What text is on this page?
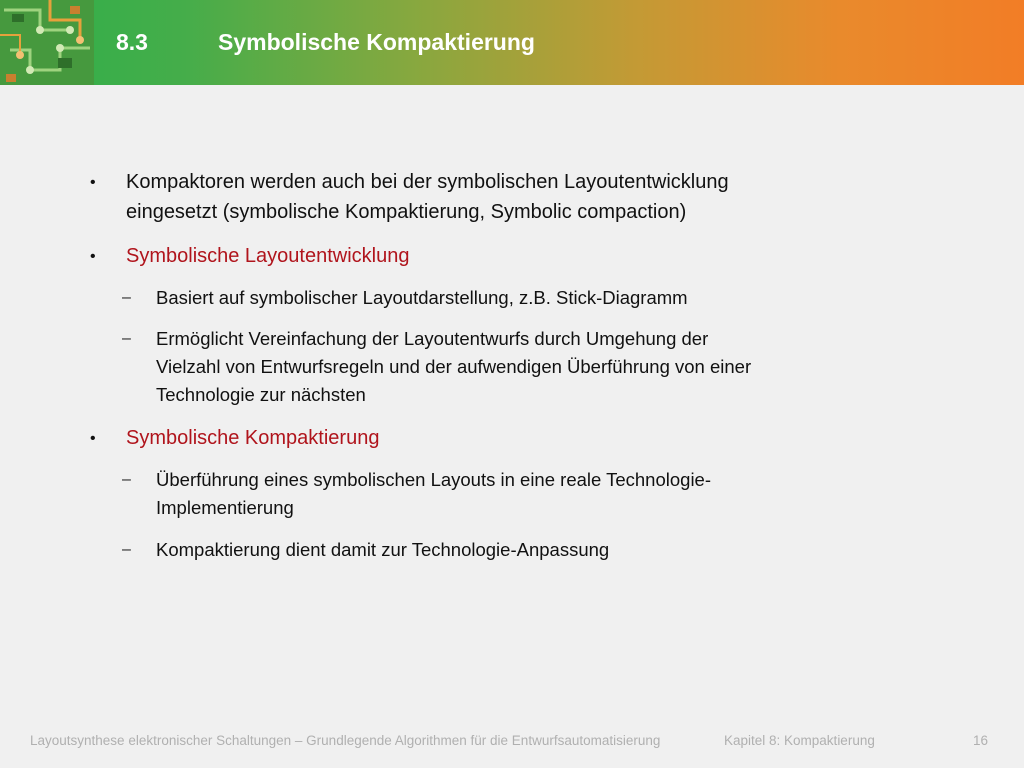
8.3	Symbolische Kompaktierung
• Kompaktoren werden auch bei der symbolischen Layoutentwicklung
eingesetzt (symbolische Kompaktierung, Symbolic compaction)
• Symbolische Layoutentwicklung
– Basiert auf symbolischer Layoutdarstellung, z.B. Stick-Diagramm
– Ermöglicht Vereinfachung der Layoutentwurfs durch Umgehung der
Vielzahl von Entwurfsregeln und der aufwendigen Überführung von einer
Technologie zur nächsten
• Symbolische Kompaktierung
– Überführung eines symbolischen Layouts in eine reale Technologie-
Implementierung
– Kompaktierung dient damit zur Technologie-Anpassung
Layoutsynthese elektronischer Schaltungen – Grundlegende Algorithmen für die Entwurfsautomatisierung	Kapitel 8: Kompaktierung	16
